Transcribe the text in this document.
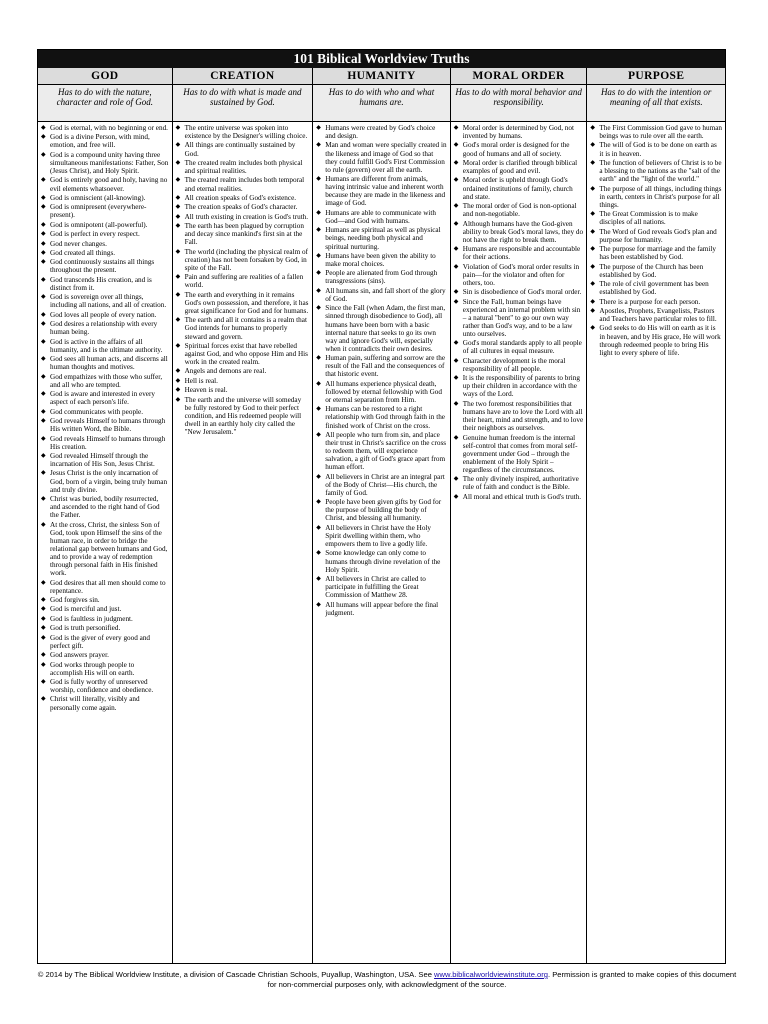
101 Biblical Worldview Truths
GOD
Has to do with the nature, character and role of God.
◆ God is eternal, with no beginning or end.
◆ God is a divine Person, with mind, emotion, and free will.
◆ God is a compound unity having three simultaneous manifestations: Father, Son (Jesus Christ), and Holy Spirit.
◆ God is entirely good and holy, having no evil elements whatsoever.
◆ God is omniscient (all-knowing).
◆ God is omnipresent (everywhere-present).
◆ God is omnipotent (all-powerful).
◆ God is perfect in every respect.
◆ God never changes.
◆ God created all things.
◆ God continuously sustains all things throughout the present.
◆ God transcends His creation, and is distinct from it.
◆ God is sovereign over all things, including all nations, and all of creation.
◆ God loves all people of every nation.
◆ God desires a relationship with every human being.
◆ God is active in the affairs of all humanity, and is the ultimate authority.
◆ God sees all human acts, and discerns all human thoughts and motives.
◆ God empathizes with those who suffer, and all who are tempted.
◆ God is aware and interested in every aspect of each person's life.
◆ God communicates with people.
◆ God reveals Himself to humans through His written Word, the Bible.
◆ God reveals Himself to humans through His creation.
◆ God revealed Himself through the incarnation of His Son, Jesus Christ.
◆ Jesus Christ is the only incarnation of God, born of a virgin, being truly human and truly divine.
◆ Christ was buried, bodily resurrected, and ascended to the right hand of God the Father.
◆ At the cross, Christ, the sinless Son of God, took upon Himself the sins of the human race, in order to bridge the relational gap between humans and God, and to provide a way of redemption through personal faith in His finished work.
◆ God desires that all men should come to repentance.
◆ God forgives sin.
◆ God is merciful and just.
◆ God is faultless in judgment.
◆ God is truth personified.
◆ God is the giver of every good and perfect gift.
◆ God answers prayer.
◆ God works through people to accomplish His will on earth.
◆ God is fully worthy of unreserved worship, confidence and obedience.
◆ Christ will literally, visibly and personally come again.
CREATION
Has to do with what is made and sustained by God.
◆ The entire universe was spoken into existence by the Designer's willing choice.
◆ All things are continually sustained by God.
◆ The created realm includes both physical and spiritual realities.
◆ The created realm includes both temporal and eternal realities.
◆ All creation speaks of God's existence.
◆ The creation speaks of God's character.
◆ All truth existing in creation is God's truth.
◆ The earth has been plagued by corruption and decay since mankind's first sin at the Fall.
◆ The world (including the physical realm of creation) has not been forsaken by God, in spite of the Fall.
◆ Pain and suffering are realities of a fallen world.
◆ The earth and everything in it remains God's own possession, and therefore, it has great significance for God and for humans.
◆ The earth and all it contains is a realm that God intends for humans to properly steward and govern.
◆ Spiritual forces exist that have rebelled against God, and who oppose Him and His work in the created realm.
◆ Angels and demons are real.
◆ Hell is real.
◆ Heaven is real.
◆ The earth and the universe will someday be fully restored by God to their perfect condition, and His redeemed people will dwell in an earthly holy city called the "New Jerusalem."
HUMANITY
Has to do with who and what humans are.
◆ Humans were created by God's choice and design.
◆ Man and woman were specially created in the likeness and image of God so that they could fulfill God's First Commission to rule (govern) over all the earth.
◆ Humans are different from animals, having intrinsic value and inherent worth because they are made in the likeness and image of God.
◆ Humans are able to communicate with God—and God with humans.
◆ Humans are spiritual as well as physical beings, needing both physical and spiritual nurturing.
◆ Humans have been given the ability to make moral choices.
◆ People are alienated from God through transgressions (sins).
◆ All humans sin, and fall short of the glory of God.
◆ Since the Fall (when Adam, the first man, sinned through disobedience to God), all humans have been born with a basic internal nature that seeks to go its own way and ignore God's will, especially when it contradicts their own desires.
◆ Human pain, suffering and sorrow are the result of the Fall and the consequences of that historic event.
◆ All humans experience physical death, followed by eternal fellowship with God or eternal separation from Him.
◆ Humans can be restored to a right relationship with God through faith in the finished work of Christ on the cross.
◆ All people who turn from sin, and place their trust in Christ's sacrifice on the cross to redeem them, will experience salvation, a gift of God's grace apart from human effort.
◆ All believers in Christ are an integral part of the Body of Christ—His church, the family of God.
◆ People have been given gifts by God for the purpose of building the body of Christ, and blessing all humanity.
◆ All believers in Christ have the Holy Spirit dwelling within them, who empowers them to live a godly life.
◆ Some knowledge can only come to humans through divine revelation of the Holy Spirit.
◆ All believers in Christ are called to participate in fulfilling the Great Commission of Matthew 28.
◆ All humans will appear before the final judgment.
MORAL ORDER
Has to do with moral behavior and responsibility.
◆ Moral order is determined by God, not invented by humans.
◆ God's moral order is designed for the good of humans and all of society.
◆ Moral order is clarified through biblical examples of good and evil.
◆ Moral order is upheld through God's ordained institutions of family, church and state.
◆ The moral order of God is non-optional and non-negotiable.
◆ Although humans have the God-given ability to break God's moral laws, they do not have the right to break them.
◆ Humans are responsible and accountable for their actions.
◆ Violation of God's moral order results in pain—for the violator and often for others, too.
◆ Sin is disobedience of God's moral order.
◆ Since the Fall, human beings have experienced an internal problem with sin – a natural "bent" to go our own way rather than God's way, and to be a law unto ourselves.
◆ God's moral standards apply to all people of all cultures in equal measure.
◆ Character development is the moral responsibility of all people.
◆ It is the responsibility of parents to bring up their children in accordance with the ways of the Lord.
◆ The two foremost responsibilities that humans have are to love the Lord with all their heart, mind and strength, and to love their neighbors as ourselves.
◆ Genuine human freedom is the internal self-control that comes from moral self-government under God – through the enablement of the Holy Spirit – regardless of the circumstances.
◆ The only divinely inspired, authoritative rule of faith and conduct is the Bible.
◆ All moral and ethical truth is God's truth.
PURPOSE
Has to do with the intention or meaning of all that exists.
◆ The First Commission God gave to human beings was to rule over all the earth.
◆ The will of God is to be done on earth as it is in heaven.
◆ The function of believers of Christ is to be a blessing to the nations as the "salt of the earth" and the "light of the world."
◆ The purpose of all things, including things in earth, centers in Christ's purpose for all things.
◆ The Great Commission is to make disciples of all nations.
◆ The Word of God reveals God's plan and purpose for humanity.
◆ The purpose for marriage and the family has been established by God.
◆ The purpose of the Church has been established by God.
◆ The role of civil government has been established by God.
◆ There is a purpose for each person.
◆ Apostles, Prophets, Evangelists, Pastors and Teachers have particular roles to fill.
◆ God seeks to do His will on earth as it is in heaven, and by His grace, He will work through redeemed people to bring His light to every sphere of life.
© 2014 by The Biblical Worldview Institute, a division of Cascade Christian Schools, Puyallup, Washington, USA. See www.biblicalworldviewinstitute.org. Permission is granted to make copies of this document for non-commercial purposes only, with acknowledgment of the source.
